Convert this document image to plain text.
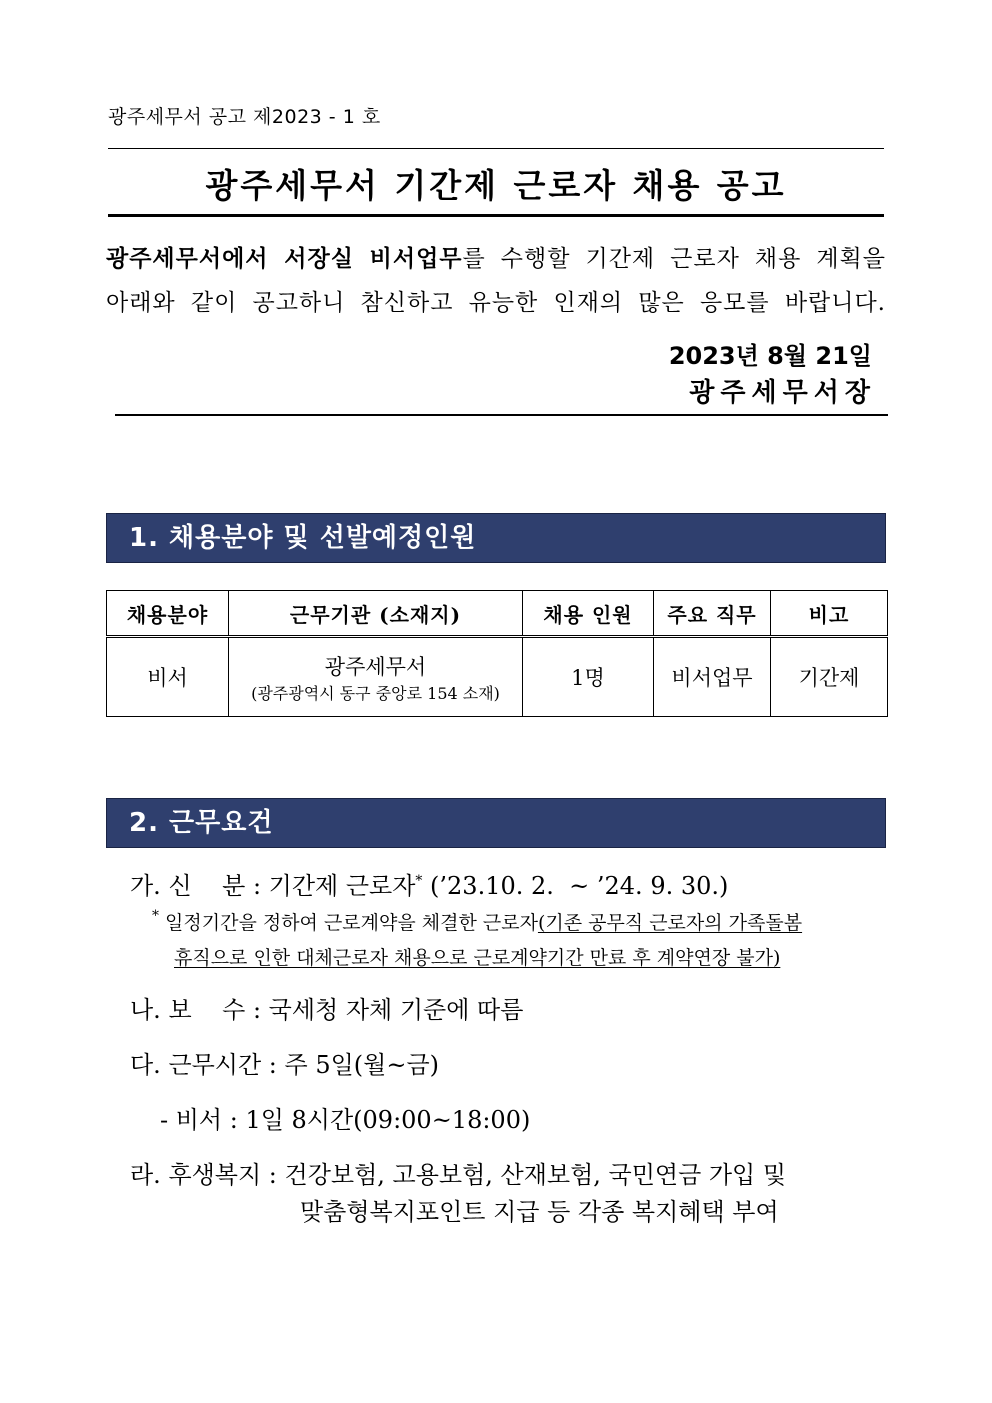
광주세무서 공고 제2023 - 1 호
광주세무서 기간제 근로자 채용 공고
광주세무서에서 서장실 비서업무를 수행할 기간제 근로자 채용 계획을
아래와 같이 공고하니 참신하고 유능한 인재의 많은 응모를 바랍니다.
2023년 8월 21일
광주세무서장
1. 채용분야 및 선발예정인원
채용분야	근무기관 (소재지)	채용 인원	주요 직무	비고
비서	광주세무서
(광주광역시 동구 중앙로 154 소재)	1명	비서업무	기간제
2. 근무요건
가. 신    분 : 기간제 근로자* (’23.10. 2.  ~ ’24. 9. 30.)
* 일정기간을 정하여 근로계약을 체결한 근로자(기존 공무직 근로자의 가족돌봄
휴직으로 인한 대체근로자 채용으로 근로계약기간 만료 후 계약연장 불가)
나. 보    수 : 국세청 자체 기준에 따름
다. 근무시간 : 주 5일(월~금)
- 비서 : 1일 8시간(09:00~18:00)
라. 후생복지 : 건강보험, 고용보험, 산재보험, 국민연금 가입 및
맞춤형복지포인트 지급 등 각종 복지혜택 부여
